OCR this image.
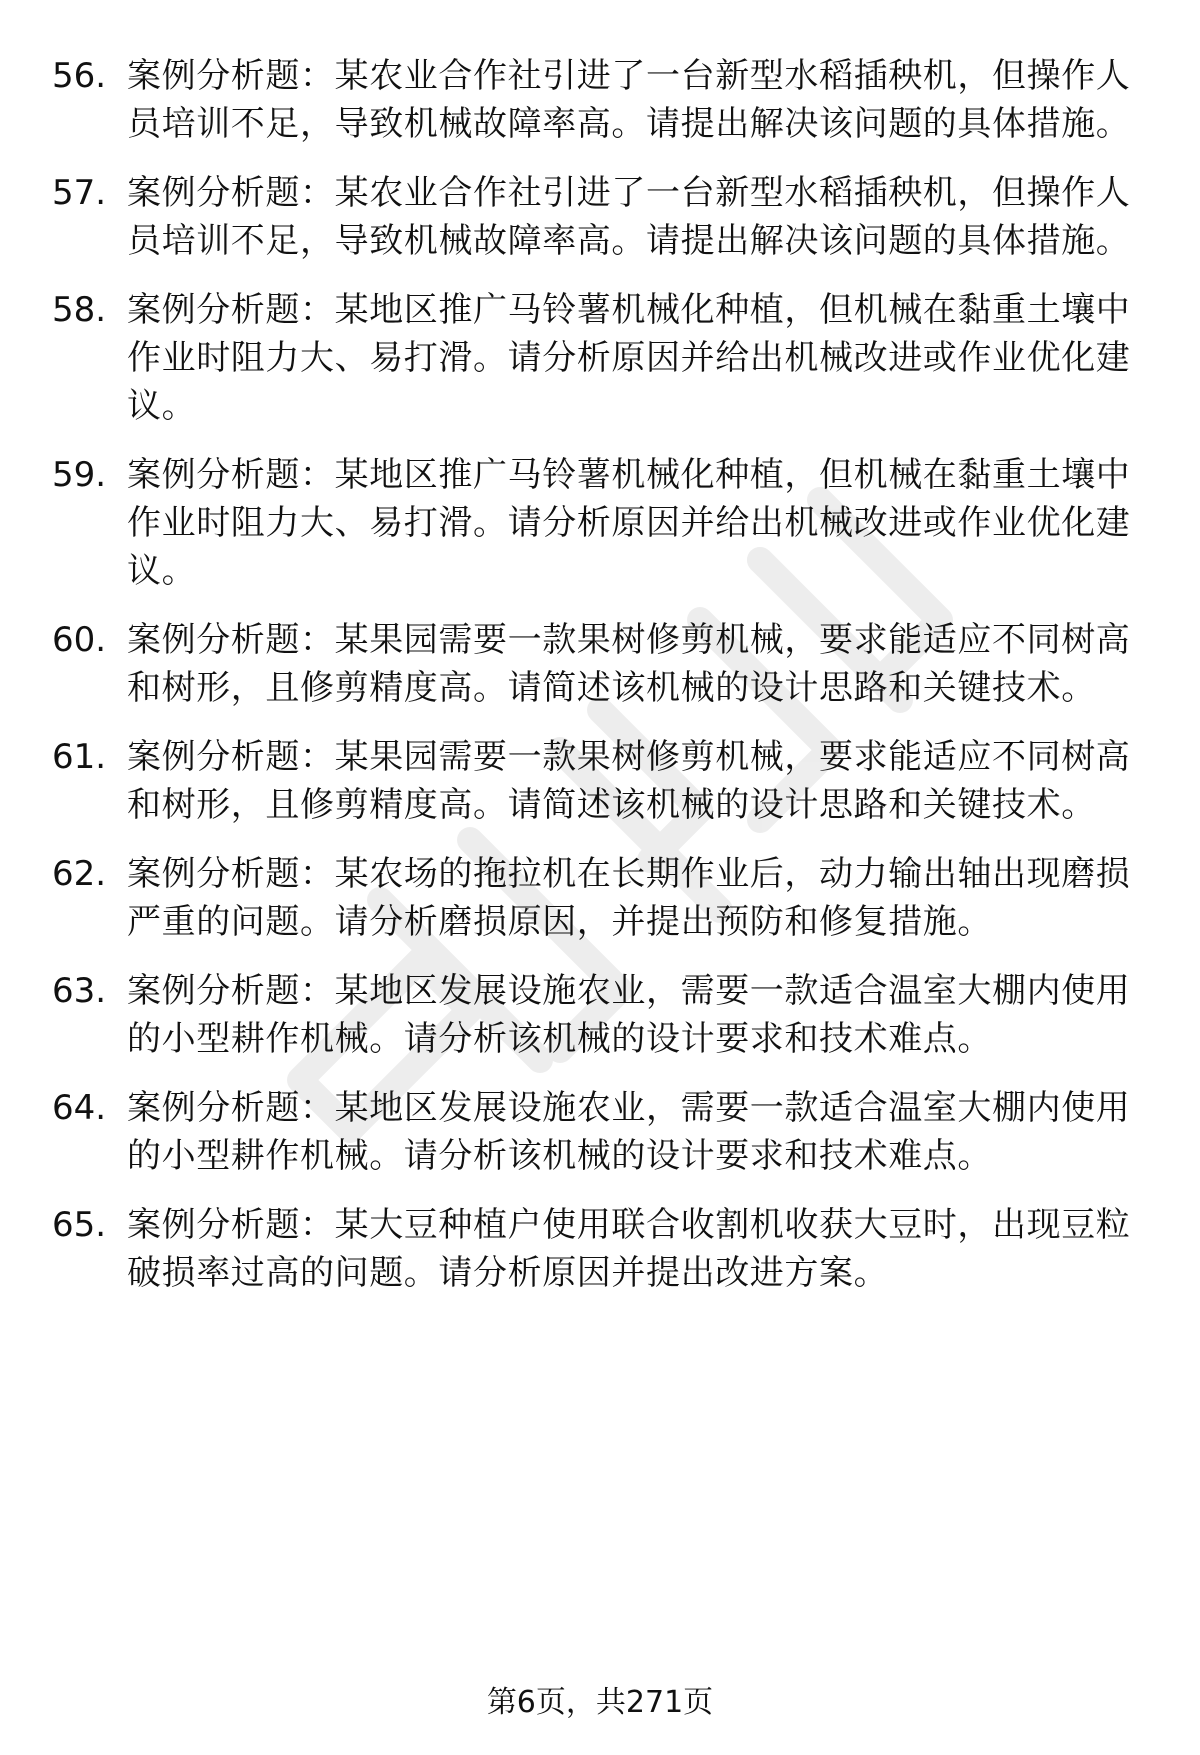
56. 案例分析题：某农业合作社引进了一台新型水稻插秧机，但操作人员培训不足，导致机械故障率高。请提出解决该问题的具体措施。
57. 案例分析题：某农业合作社引进了一台新型水稻插秧机，但操作人员培训不足，导致机械故障率高。请提出解决该问题的具体措施。
58. 案例分析题：某地区推广马铃薯机械化种植，但机械在黏重土壤中作业时阻力大、易打滑。请分析原因并给出机械改进或作业优化建议。
59. 案例分析题：某地区推广马铃薯机械化种植，但机械在黏重土壤中作业时阻力大、易打滑。请分析原因并给出机械改进或作业优化建议。
60. 案例分析题：某果园需要一款果树修剪机械，要求能适应不同树高和树形，且修剪精度高。请简述该机械的设计思路和关键技术。
61. 案例分析题：某果园需要一款果树修剪机械，要求能适应不同树高和树形，且修剪精度高。请简述该机械的设计思路和关键技术。
62. 案例分析题：某农场的拖拉机在长期作业后，动力输出轴出现磨损严重的问题。请分析磨损原因，并提出预防和修复措施。
63. 案例分析题：某地区发展设施农业，需要一款适合温室大棚内使用的小型耕作机械。请分析该机械的设计要求和技术难点。
64. 案例分析题：某地区发展设施农业，需要一款适合温室大棚内使用的小型耕作机械。请分析该机械的设计要求和技术难点。
65. 案例分析题：某大豆种植户使用联合收割机收获大豆时，出现豆粒破损率过高的问题。请分析原因并提出改进方案。
第6页，共271页
